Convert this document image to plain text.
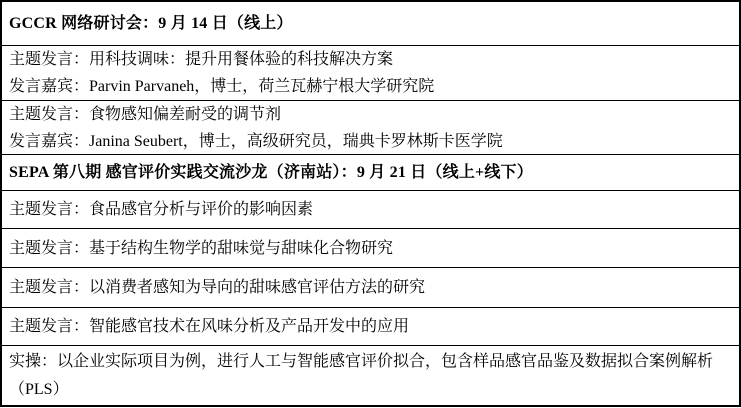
GCCR 网络研讨会：9 月 14 日（线上）
主题发言：用科技调味：提升用餐体验的科技解决方案
发言嘉宾：Parvin Parvaneh，博士，荷兰瓦赫宁根大学研究院
主题发言：食物感知偏差耐受的调节剂
发言嘉宾：Janina Seubert，博士，高级研究员，瑞典卡罗林斯卡医学院
SEPA 第八期 感官评价实践交流沙龙（济南站）：9 月 21 日（线上+线下）
主题发言：食品感官分析与评价的影响因素
主题发言：基于结构生物学的甜味觉与甜味化合物研究
主题发言：以消费者感知为导向的甜味感官评估方法的研究
主题发言：智能感官技术在风味分析及产品开发中的应用
实操：以企业实际项目为例，进行人工与智能感官评价拟合，包含样品感官品鉴及数据拟合案例解析（PLS）
